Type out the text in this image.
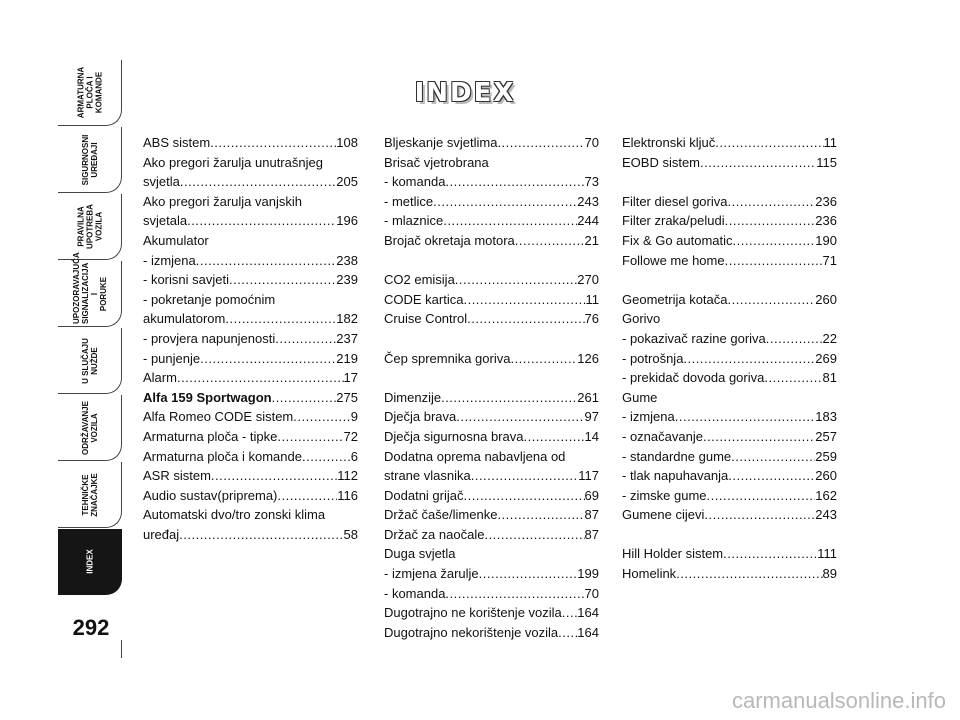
ARMATURNA
PLOČA I
KOMANDE
SIGURNOSNI
UREĐAJI
PRAVILNA
UPOTREBA
VOZILA
UPOZORAVAJUĆA
SIGNALIZACIJA I
PORUKE
U SLUČAJU
NUŽDE
ODRŽAVANJE
VOZILA
TEHNIČKE
ZNAČAJKE
INDEX
292
INDEX
ABS sistem .....	108
Ako pregori žarulja unutrašnjeg
svjetla .....	205
Ako pregori žarulja vanjskih
svjetala .....	196
Akumulator
- izmjena .....	238
- korisni savjeti .....	239
- pokretanje pomoćnim
akumulatorom .....	182
- provjera napunjenosti .....	237
- punjenje .....	219
Alarm .....	17
Alfa 159 Sportwagon .....	275
Alfa Romeo CODE sistem .....	9
Armaturna ploča - tipke .....	72
Armaturna ploča i komande .....	6
ASR sistem .....	112
Audio sustav(priprema) .....	116
Automatski dvo/tro zonski klima
uređaj .....	58
Bljeskanje svjetlima .....	70
Brisač vjetrobrana
- komanda .....	73
- metlice .....	243
- mlaznice .....	244
Brojač okretaja motora .....	21
CO2 emisija .....	270
CODE kartica .....	11
Cruise Control .....	76
Čep spremnika goriva .....	126
Dimenzije .....	261
Dječja brava .....	97
Dječja sigurnosna brava .....	14
Dodatna oprema nabavljena od
strane vlasnika .....	117
Dodatni grijač .....	69
Držač čaše/limenke .....	87
Držač za naočale .....	87
Duga svjetla
- izmjena žarulje .....	199
- komanda .....	70
Dugotrajno ne korištenje vozila ..... 164
Dugotrajno nekorištenje vozila ..... 164
Elektronski ključ .....	11
EOBD sistem .....	115
Filter diesel goriva .....	236
Filter zraka/peludi .....	236
Fix & Go automatic .....	190
Followe me home .....	71
Geometrija kotača .....	260
Gorivo
- pokazivač razine goriva .....	22
- potrošnja .....	269
- prekidač dovoda goriva .....	81
Gume
- izmjena .....	183
- označavanje .....	257
- standardne gume .....	259
- tlak napuhavanja .....	260
- zimske gume .....	162
Gumene cijevi .....	243
Hill Holder sistem .....	111
Homelink .....	89
carmanualsonline.info
